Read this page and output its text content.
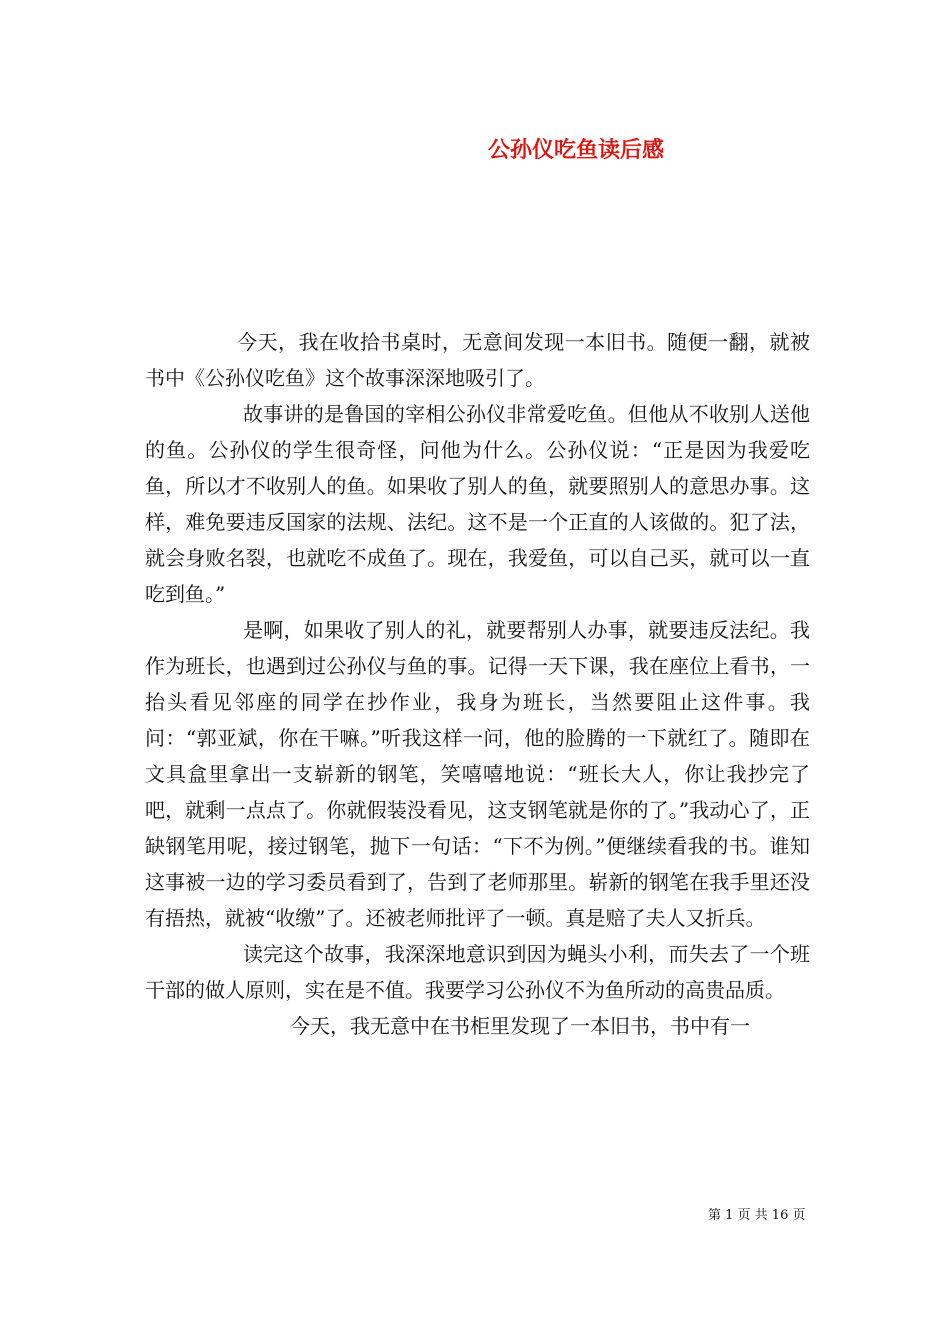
公孙仪吃鱼读后感

今天，我在收拾书桌时，无意间发现一本旧书。随便一翻，就被书中《公孙仪吃鱼》这个故事深深地吸引了。

故事讲的是鲁国的宰相公孙仪非常爱吃鱼。但他从不收别人送他的鱼。公孙仪的学生很奇怪，问他为什么。公孙仪说：“正是因为我爱吃鱼，所以才不收别人的鱼。如果收了别人的鱼，就要照别人的意思办事。这样，难免要违反国家的法规、法纪。这不是一个正直的人该做的。犯了法，就会身败名裂，也就吃不成鱼了。现在，我爱鱼，可以自己买，就可以一直吃到鱼。”

是啊，如果收了别人的礼，就要帮别人办事，就要违反法纪。我作为班长，也遇到过公孙仪与鱼的事。记得一天下课，我在座位上看书，一抬头看见邻座的同学在抄作业，我身为班长，当然要阻止这件事。我问：“郭亚斌，你在干嘛。”听我这样一问，他的脸腾的一下就红了。随即在文具盒里拿出一支崭新的钢笔，笑嘻嘻地说：“班长大人，你让我抄完了吧，就剩一点点了。你就假装没看见，这支钢笔就是你的了。”我动心了，正缺钢笔用呢，接过钢笔，抛下一句话：“下不为例。”便继续看我的书。谁知这事被一边的学习委员看到了，告到了老师那里。崭新的钢笔在我手里还没有捂热，就被“收缴”了。还被老师批评了一顿。真是赔了夫人又折兵。

读完这个故事，我深深地意识到因为蝇头小利，而失去了一个班干部的做人原则，实在是不值。我要学习公孙仪不为鱼所动的高贵品质。

今天，我无意中在书柜里发现了一本旧书，书中有一

第 1 页 共 16 页
